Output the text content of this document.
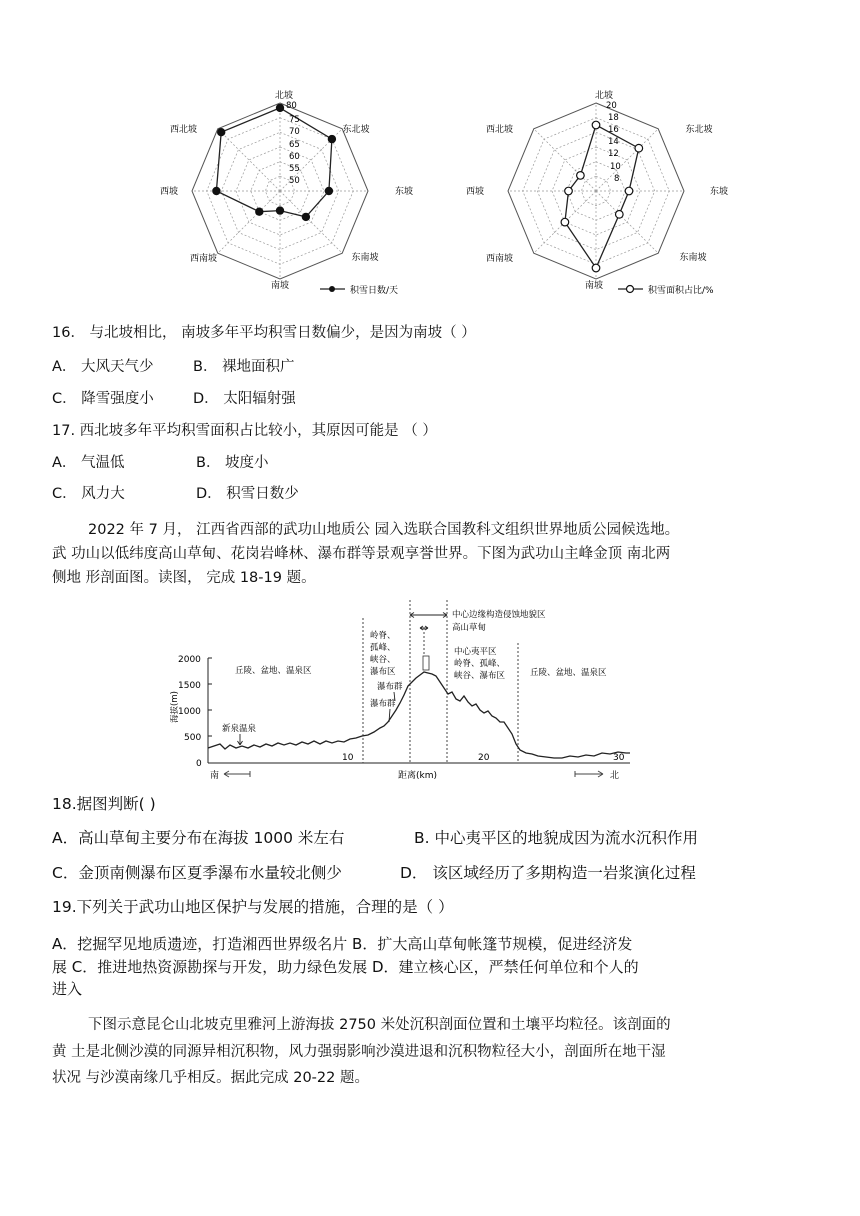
北坡
东北坡
东坡
东南坡
南坡
西南坡
西坡
西北坡
80
75
70
65
60
55
50
积雪日数/天
北坡
东北坡
东坡
东南坡
南坡
西南坡
西坡
西北坡
20
18
16
14
12
10
8
积雪面积占比/%
16． 与北坡相比， 南坡多年平均积雪日数偏少，是因为南坡（ ）
A． 大风天气少	B． 裸地面积广
C． 降雪强度小	D． 太阳辐射强
17. 西北坡多年平均积雪面积占比较小，其原因可能是 （ ）
A． 气温低	B． 坡度小
C． 风力大	D． 积雪日数少
2022 年 7 月， 江西省西部的武功山地质公 园入选联合国教科文组织世界地质公园候选地。
武 功山以低纬度高山草甸、花岗岩峰林、瀑布群等景观享誉世界。下图为武功山主峰金顶 南北两
侧地 形剖面图。读图， 完成 18-19 题。
2000
1500
1000
500
0
海拔(m)
10	20	30
距离(km)
南	北
中心边缘构造侵蚀地貌区
高山草甸
丘陵、盆地、温泉区	丘陵、盆地、温泉区
岭脊、
孤峰、
峡谷、
瀑布区
瀑布群
瀑布群
中心夷平区
岭脊、孤峰、
峡谷、瀑布区
新泉温泉
18.据图判断( )
A．高山草甸主要分布在海拔 1000 米左右	B. 中心夷平区的地貌成因为流水沉积作用
C．金顶南侧瀑布区夏季瀑布水量较北侧少	D． 该区域经历了多期构造一岩浆演化过程
19.下列关于武功山地区保护与发展的措施，合理的是（ ）
A．挖掘罕见地质遗迹，打造湘西世界级名片 B．扩大高山草甸帐篷节规模，促进经济发
展 C．推进地热资源勘探与开发，助力绿色发展 D．建立核心区，严禁任何单位和个人的
进入
下图示意昆仑山北坡克里雅河上游海拔 2750 米处沉积剖面位置和土壤平均粒径。该剖面的
黄 土是北侧沙漠的同源异相沉积物，风力强弱影响沙漠进退和沉积物粒径大小，剖面所在地干湿
状况 与沙漠南缘几乎相反。据此完成 20-22 题。
